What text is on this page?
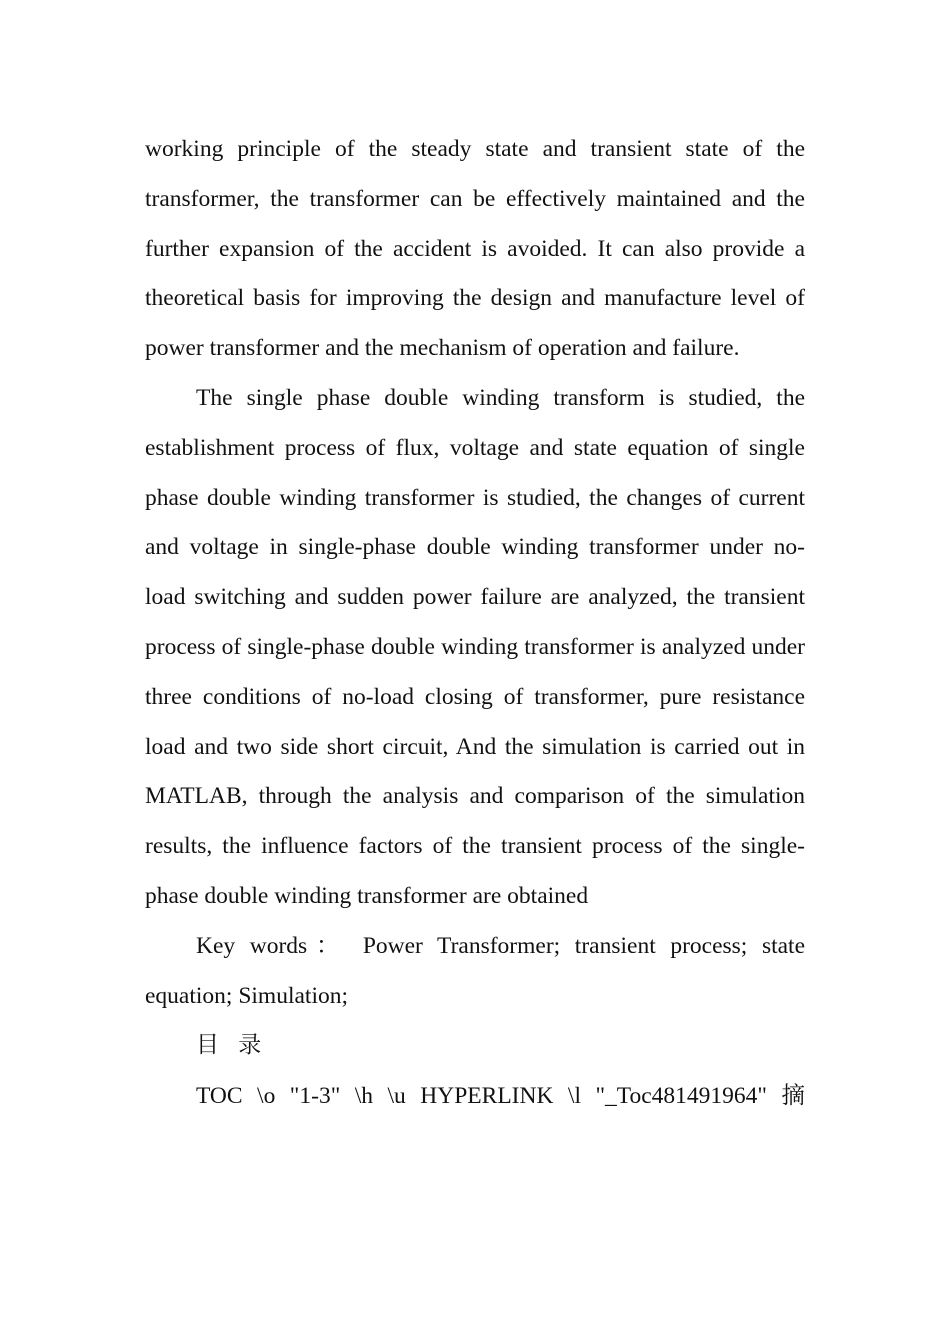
working principle of the steady state and transient state of the transformer, the transformer can be effectively maintained and the further expansion of the accident is avoided. It can also provide a theoretical basis for improving the design and manufacture level of power transformer and the mechanism of operation and failure.

The single phase double winding transform is studied, the establishment process of flux, voltage and state equation of single phase double winding transformer is studied, the changes of current and voltage in single-phase double winding transformer under no-load switching and sudden power failure are analyzed, the transient process of single-phase double winding transformer is analyzed under three conditions of no-load closing of transformer, pure resistance load and two side short circuit, And the simulation is carried out in MATLAB, through the analysis and comparison of the simulation results, the influence factors of the transient process of the single-phase double winding transformer are obtained

Key words： Power Transformer; transient process; state equation; Simulation;

目 录

TOC \o "1-3" \h \u HYPERLINK \l "_Toc481491964" 摘
